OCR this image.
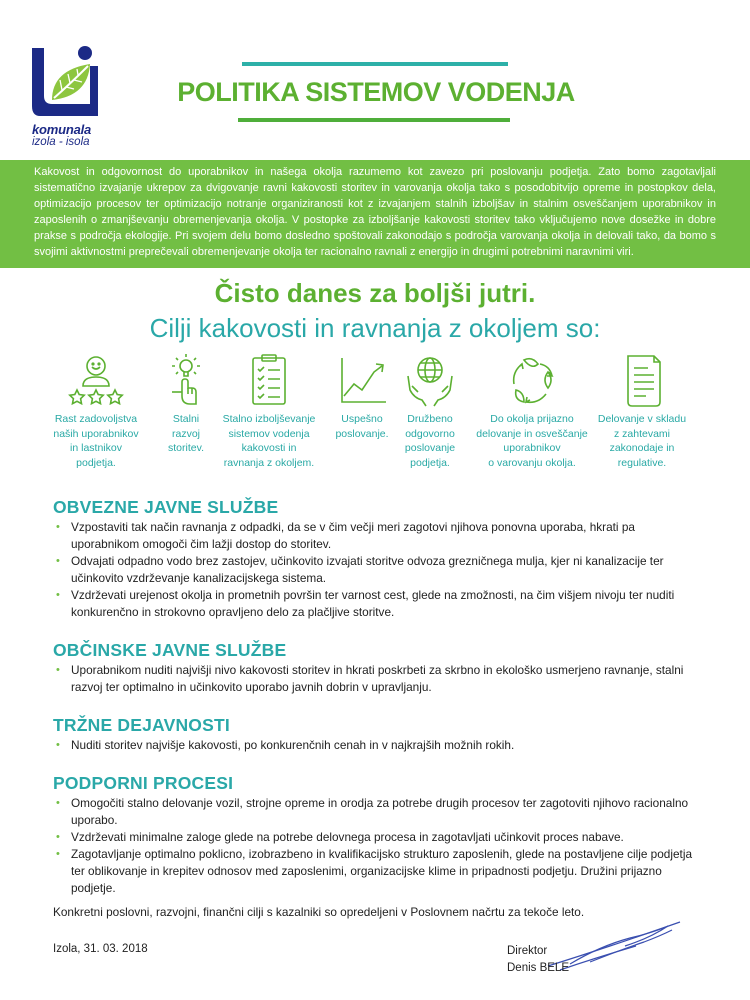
komunala
izola - isola
POLITIKA SISTEMOV VODENJA

Kakovost in odgovornost do uporabnikov in našega okolja razumemo kot zavezo pri poslovanju podjetja. Zato bomo zagotavljali sistematično izvajanje ukrepov za dvigovanje ravni kakovosti storitev in varovanja okolja tako s posodobitvijo opreme in postopkov dela, optimizacijo procesov ter optimizacijo notranje organiziranosti kot z izvajanjem stalnih izboljšav in stalnim osveščanjem uporabnikov in zaposlenih o zmanjševanju obremenjevanja okolja. V postopke za izboljšanje kakovosti storitev tako vključujemo nove dosežke in dobre prakse s področja ekologije. Pri svojem delu bomo dosledno spoštovali zakonodajo s področja varovanja okolja in delovali tako, da bomo s svojimi aktivnostmi preprečevali obremenjevanje okolja ter racionalno ravnali z energijo in drugimi potrebnimi naravnimi viri.

Čisto danes za boljši jutri.
Cilji kakovosti in ravnanja z okoljem so:
Rast zadovoljstva
naših uporabnikov
in lastnikov
podjetja.
Stalni
razvoj
storitev.
Stalno izboljševanje
sistemov vodenja
kakovosti in
ravnanja z okoljem.
Uspešno
poslovanje.
Družbeno
odgovorno
poslovanje
podjetja.
Do okolja prijazno
delovanje in osveščanje
uporabnikov
o varovanju okolja.
Delovanje v skladu
z zahtevami
zakonodaje in
regulative.
OBVEZNE JAVNE SLUŽBE
• Vzpostaviti tak način ravnanja z odpadki, da se v čim večji meri zagotovi njihova ponovna uporaba, hkrati pa uporabnikom omogoči čim lažji dostop do storitev.
• Odvajati odpadno vodo brez zastojev, učinkovito izvajati storitve odvoza grezničnega mulja, kjer ni kanalizacije ter učinkovito vzdrževanje kanalizacijskega sistema.
• Vzdrževati urejenost okolja in prometnih površin ter varnost cest, glede na zmožnosti, na čim višjem nivoju ter nuditi konkurenčno in strokovno opravljeno delo za plačljive storitve.
OBČINSKE JAVNE SLUŽBE
• Uporabnikom nuditi najvišji nivo kakovosti storitev in hkrati poskrbeti za skrbno in ekološko usmerjeno ravnanje, stalni razvoj ter optimalno in učinkovito uporabo javnih dobrin v upravljanju.
TRŽNE DEJAVNOSTI
• Nuditi storitev najvišje kakovosti, po konkurenčnih cenah in v najkrajših možnih rokih.
PODPORNI PROCESI
• Omogočiti stalno delovanje vozil, strojne opreme in orodja za potrebe drugih procesov ter zagotoviti njihovo racionalno uporabo.
• Vzdrževati minimalne zaloge glede na potrebe delovnega procesa in zagotavljati učinkovit proces nabave.
• Zagotavljanje optimalno poklicno, izobrazbeno in kvalifikacijsko strukturo zaposlenih, glede na postavljene cilje podjetja ter oblikovanje in krepitev odnosov med zaposlenimi, organizacijske klime in pripadnosti podjetju. Družini prijazno podjetje.
Konkretni poslovni, razvojni, finančni cilji s kazalniki so opredeljeni v Poslovnem načrtu za tekoče leto.
Izola, 31. 03. 2018	Direktor
Denis BELE
